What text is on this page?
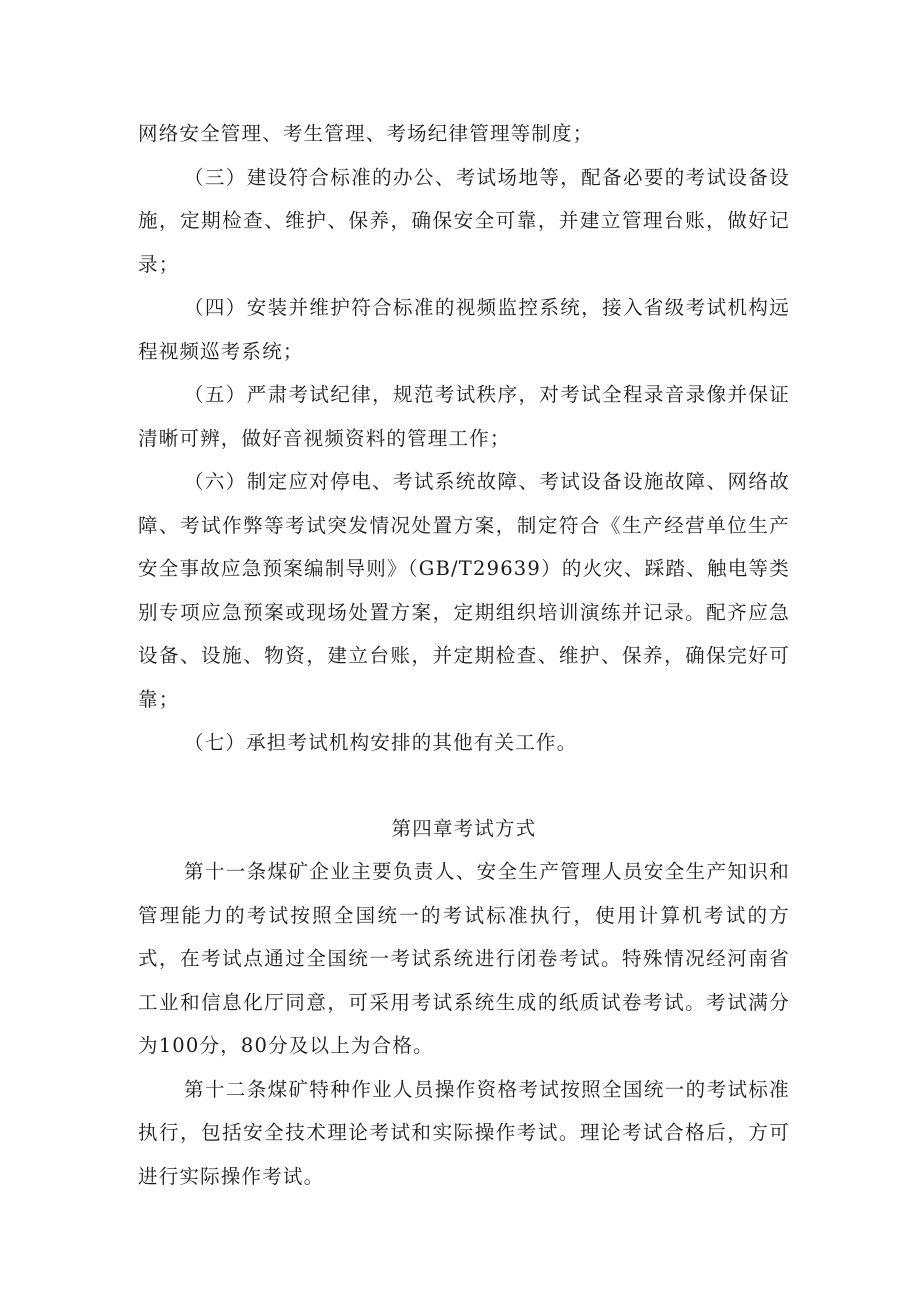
网络安全管理、考生管理、考场纪律管理等制度；

（三）建设符合标准的办公、考试场地等，配备必要的考试设备设施，定期检查、维护、保养，确保安全可靠，并建立管理台账，做好记录；

（四）安装并维护符合标准的视频监控系统，接入省级考试机构远程视频巡考系统；

（五）严肃考试纪律，规范考试秩序，对考试全程录音录像并保证清晰可辨，做好音视频资料的管理工作；

（六）制定应对停电、考试系统故障、考试设备设施故障、网络故障、考试作弊等考试突发情况处置方案，制定符合《生产经营单位生产安全事故应急预案编制导则》（GB/T29639）的火灾、踩踏、触电等类别专项应急预案或现场处置方案，定期组织培训演练并记录。配齐应急设备、设施、物资，建立台账，并定期检查、维护、保养，确保完好可靠；

（七）承担考试机构安排的其他有关工作。

第四章考试方式

第十一条煤矿企业主要负责人、安全生产管理人员安全生产知识和管理能力的考试按照全国统一的考试标准执行，使用计算机考试的方式，在考试点通过全国统一考试系统进行闭卷考试。特殊情况经河南省工业和信息化厅同意，可采用考试系统生成的纸质试卷考试。考试满分为100分，80分及以上为合格。

第十二条煤矿特种作业人员操作资格考试按照全国统一的考试标准执行，包括安全技术理论考试和实际操作考试。理论考试合格后，方可进行实际操作考试。
